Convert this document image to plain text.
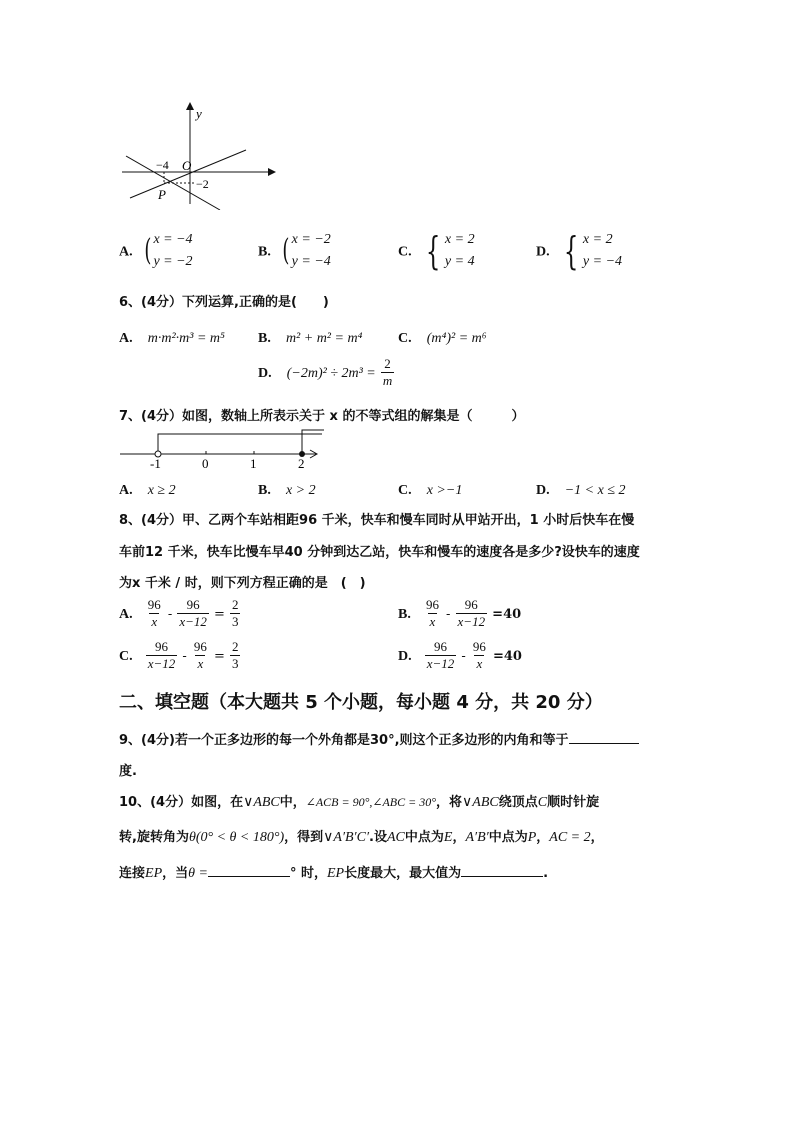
y
O
−4
−2
P
A. ( x = −4
y = −2
B. ( x = −2
y = −4
C. { x = 2
y = 4
D. { x = 2
y = −4
6、(4分）下列运算,正确的是(　　)
A. m·m²·m³ = m⁵ B. m² + m² = m⁴	C. (m⁴)² = m⁶
D. $(-2m)^2 \div 2m^3 = \frac{2}{m}$
7、(4分）如图，数轴上所表示关于 x 的不等式组的解集是（　　　）
-1	0	1	2
A. x ≥ 2	B. x > 2	C. x >−1	D. −1 < x ≤ 2
8、(4分）甲、乙两个车站相距96 千米，快车和慢车同时从甲站开出，1 小时后快车在慢
车前12 千米，快车比慢车早40 分钟到达乙站，快车和慢车的速度各是多少?设快车的速度
为x 千米 / 时，则下列方程正确的是　(　)
A. $\frac{96}{x} - \frac{96}{x-12} = \frac{2}{3}$	B. $\frac{96}{x} - \frac{96}{x-12} =40$
C. $\frac{96}{x-12} - \frac{96}{x} = \frac{2}{3}$	D. $\frac{96}{x-12} - \frac{96}{x} =40$
二、填空题（本大题共 5 个小题，每小题 4 分，共 20 分）
9、(4分)若一个正多边形的每一个外角都是30°,则这个正多边形的内角和等于
度.
10、(4分）如图，在∨ABC中，∠ACB = 90°,∠ABC = 30°，将∨ABC绕顶点C顺时针旋
转,旋转角为θ(0° < θ < 180°)，得到∨A′B′C′.设AC中点为E，A′B′中点为P，AC = 2，
连接EP，当θ =	° 时，EP长度最大，最大值为	.
